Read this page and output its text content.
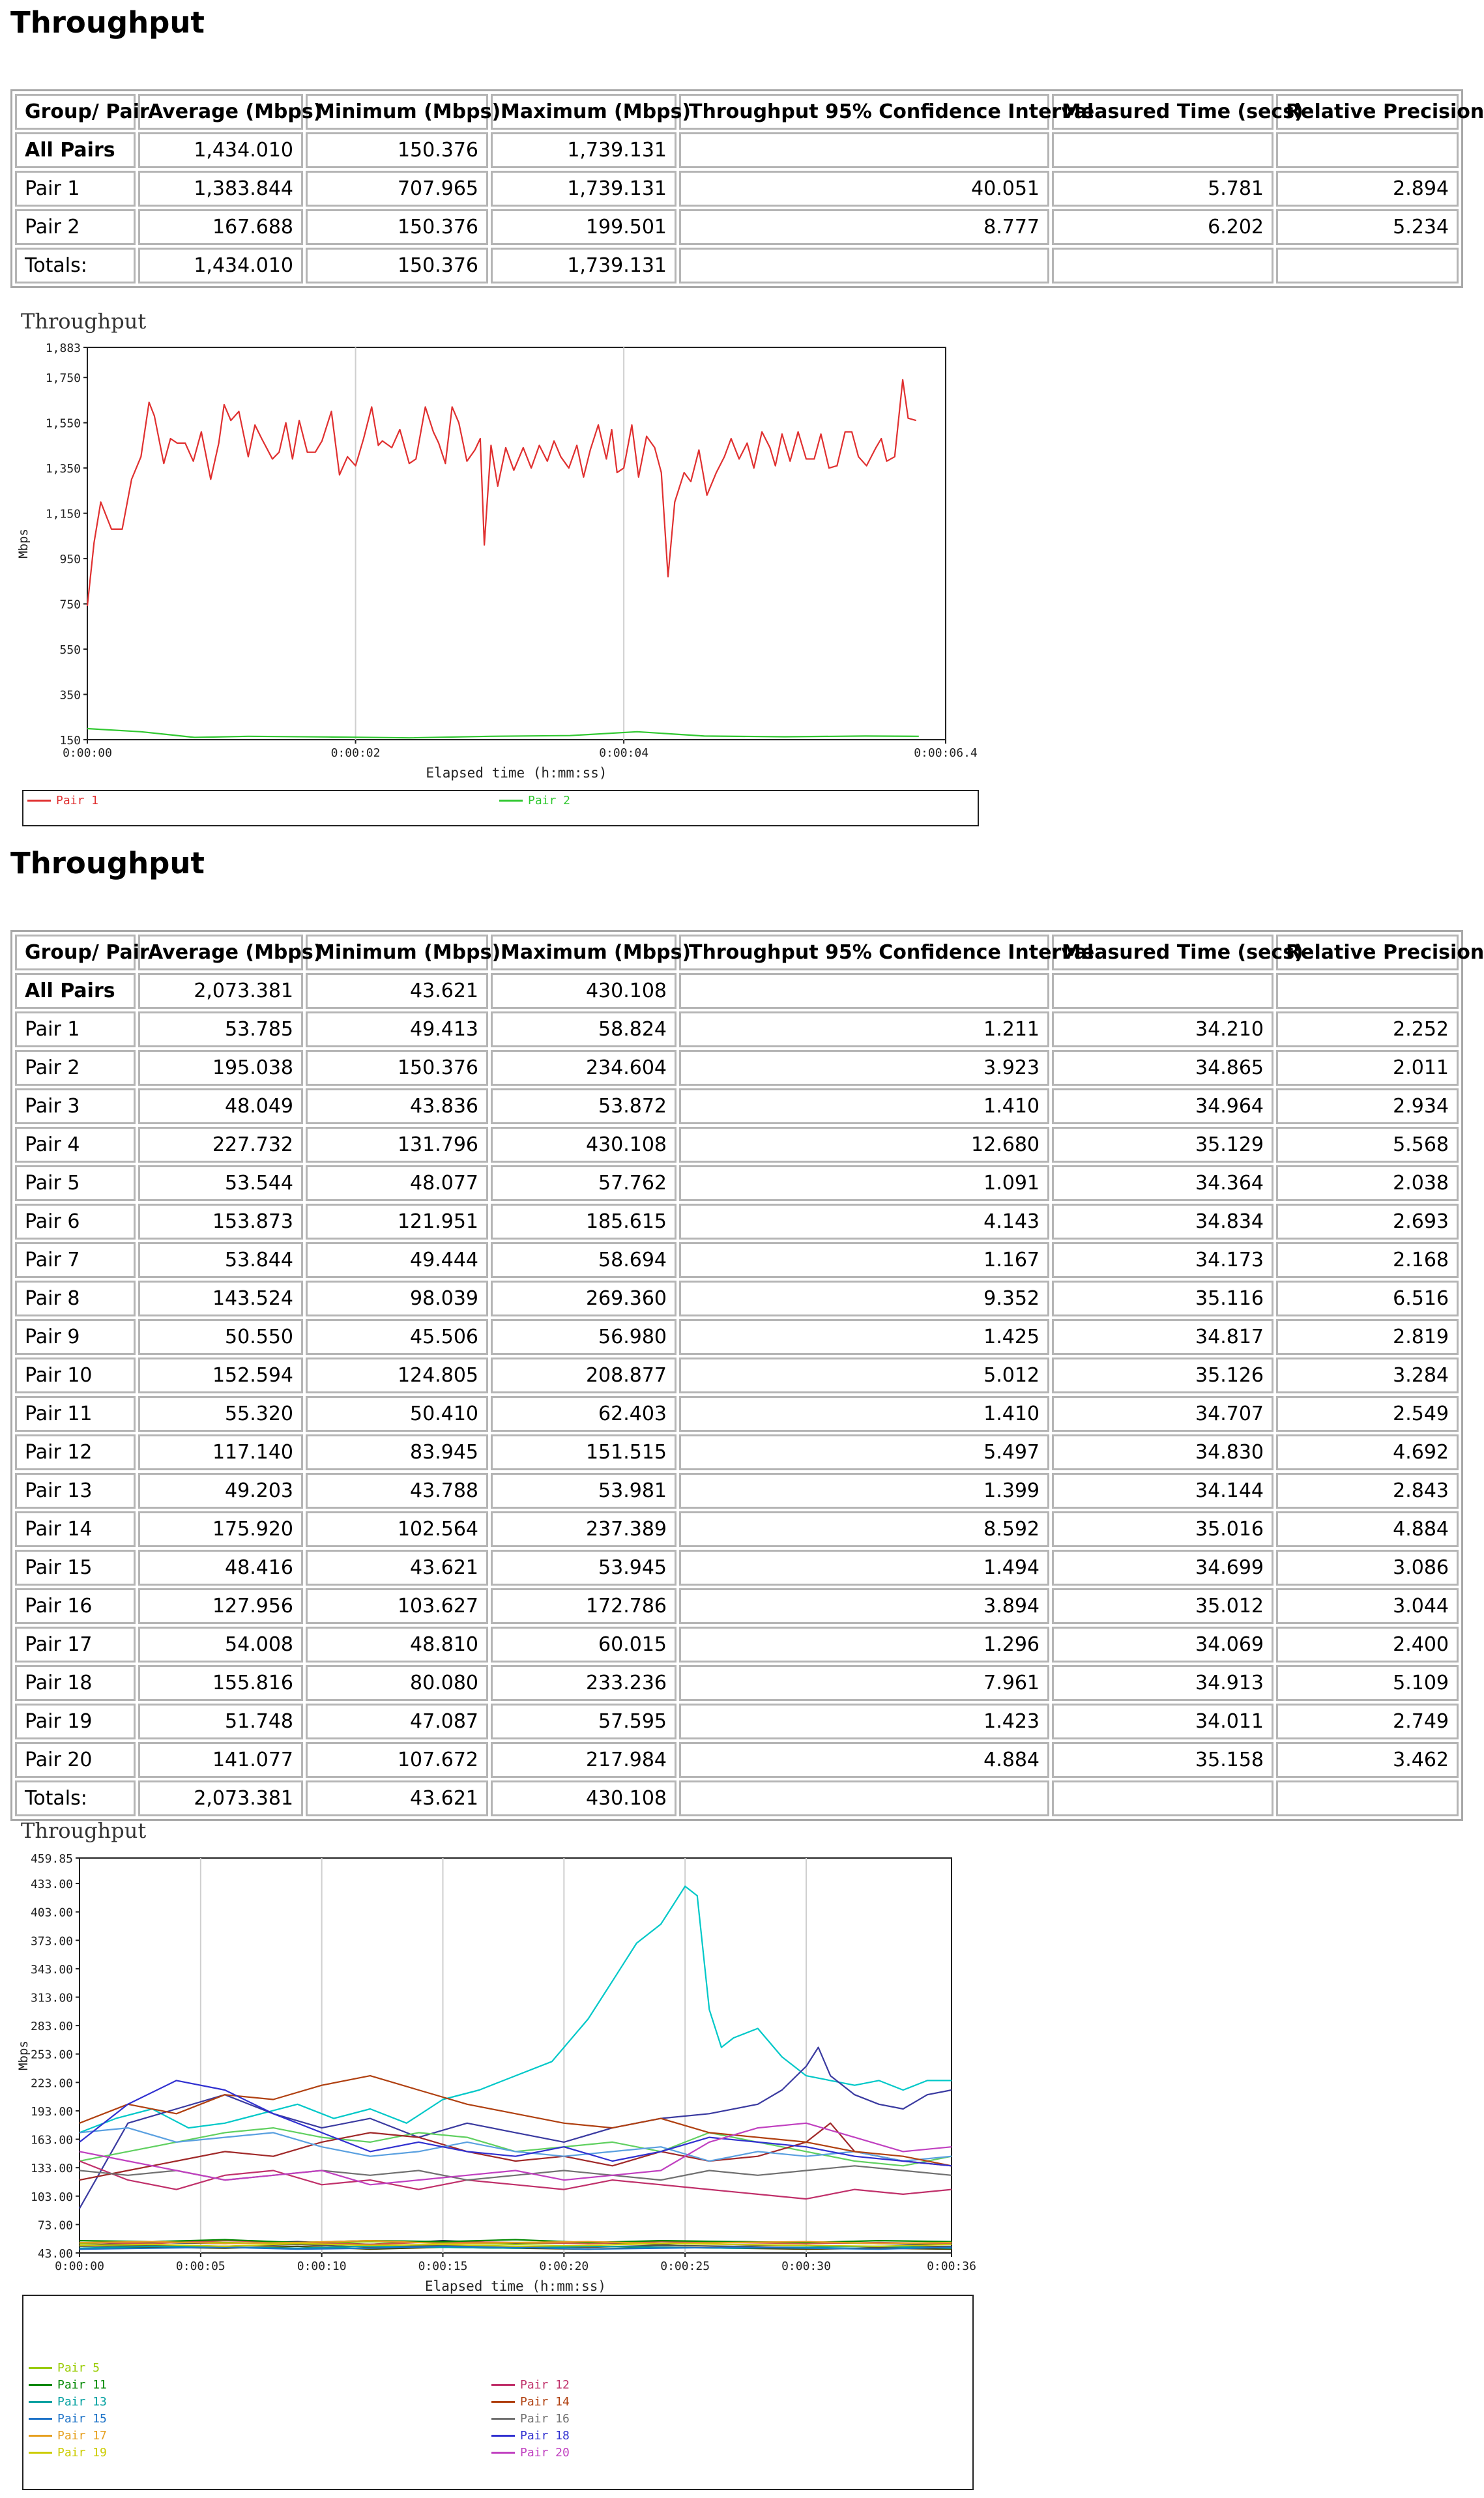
Throughput
Group/ Pair	Average (Mbps)	Minimum (Mbps)	Maximum (Mbps)	Throughput 95% Confidence Interval	Measured Time (secs)	Relative Precision
All Pairs	1,434.010	150.376	1,739.131			
Pair 1	1,383.844	707.965	1,739.131	40.051	5.781	2.894
Pair 2	167.688	150.376	199.501	8.777	6.202	5.234
Totals:	1,434.010	150.376	1,739.131			
Throughput
150
350
550
750
950
1,150
1,350
1,550
1,750
1,883
0:00:00	0:00:02	0:00:04	0:00:06.4
Elapsed time (h:mm:ss)
Mbps
Pair 1	Pair 2
Throughput
Group/ Pair	Average (Mbps)	Minimum (Mbps)	Maximum (Mbps)	Throughput 95% Confidence Interval	Measured Time (secs)	Relative Precision
All Pairs	2,073.381	43.621	430.108			
Pair 1	53.785	49.413	58.824	1.211	34.210	2.252
Pair 2	195.038	150.376	234.604	3.923	34.865	2.011
Pair 3	48.049	43.836	53.872	1.410	34.964	2.934
Pair 4	227.732	131.796	430.108	12.680	35.129	5.568
Pair 5	53.544	48.077	57.762	1.091	34.364	2.038
Pair 6	153.873	121.951	185.615	4.143	34.834	2.693
Pair 7	53.844	49.444	58.694	1.167	34.173	2.168
Pair 8	143.524	98.039	269.360	9.352	35.116	6.516
Pair 9	50.550	45.506	56.980	1.425	34.817	2.819
Pair 10	152.594	124.805	208.877	5.012	35.126	3.284
Pair 11	55.320	50.410	62.403	1.410	34.707	2.549
Pair 12	117.140	83.945	151.515	5.497	34.830	4.692
Pair 13	49.203	43.788	53.981	1.399	34.144	2.843
Pair 14	175.920	102.564	237.389	8.592	35.016	4.884
Pair 15	48.416	43.621	53.945	1.494	34.699	3.086
Pair 16	127.956	103.627	172.786	3.894	35.012	3.044
Pair 17	54.008	48.810	60.015	1.296	34.069	2.400
Pair 18	155.816	80.080	233.236	7.961	34.913	5.109
Pair 19	51.748	47.087	57.595	1.423	34.011	2.749
Pair 20	141.077	107.672	217.984	4.884	35.158	3.462
Totals:	2,073.381	43.621	430.108			
Throughput
43.00
73.00
103.00
133.00
163.00
193.00
223.00
253.00
283.00
313.00
343.00
373.00
403.00
433.00
459.85
0:00:00	0:00:05	0:00:10	0:00:15	0:00:20	0:00:25	0:00:30	0:00:36
Elapsed time (h:mm:ss)
Mbps
Pair 5
Pair 11
Pair 13
Pair 15
Pair 17
Pair 19
Pair 12
Pair 14
Pair 16
Pair 18
Pair 20
